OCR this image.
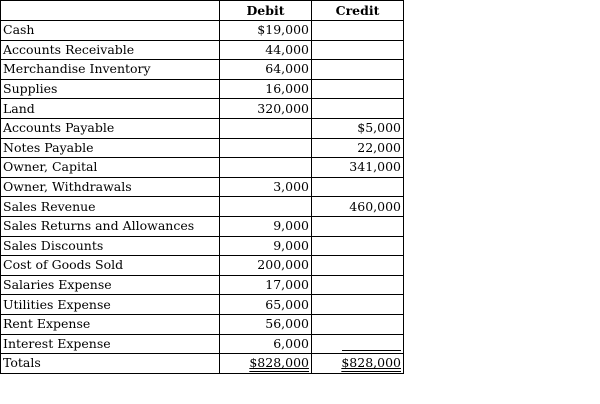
	Debit	Credit
Cash	$19,000	
Accounts Receivable	44,000	
Merchandise Inventory	64,000	
Supplies	16,000	
Land	320,000	
Accounts Payable		$5,000
Notes Payable		22,000
Owner, Capital		341,000
Owner, Withdrawals	3,000	
Sales Revenue		460,000
Sales Returns and Allowances	9,000	
Sales Discounts	9,000	
Cost of Goods Sold	200,000	
Salaries Expense	17,000	
Utilities Expense	65,000	
Rent Expense	56,000	
Interest Expense	6,000	
Totals	$828,000	$828,000
